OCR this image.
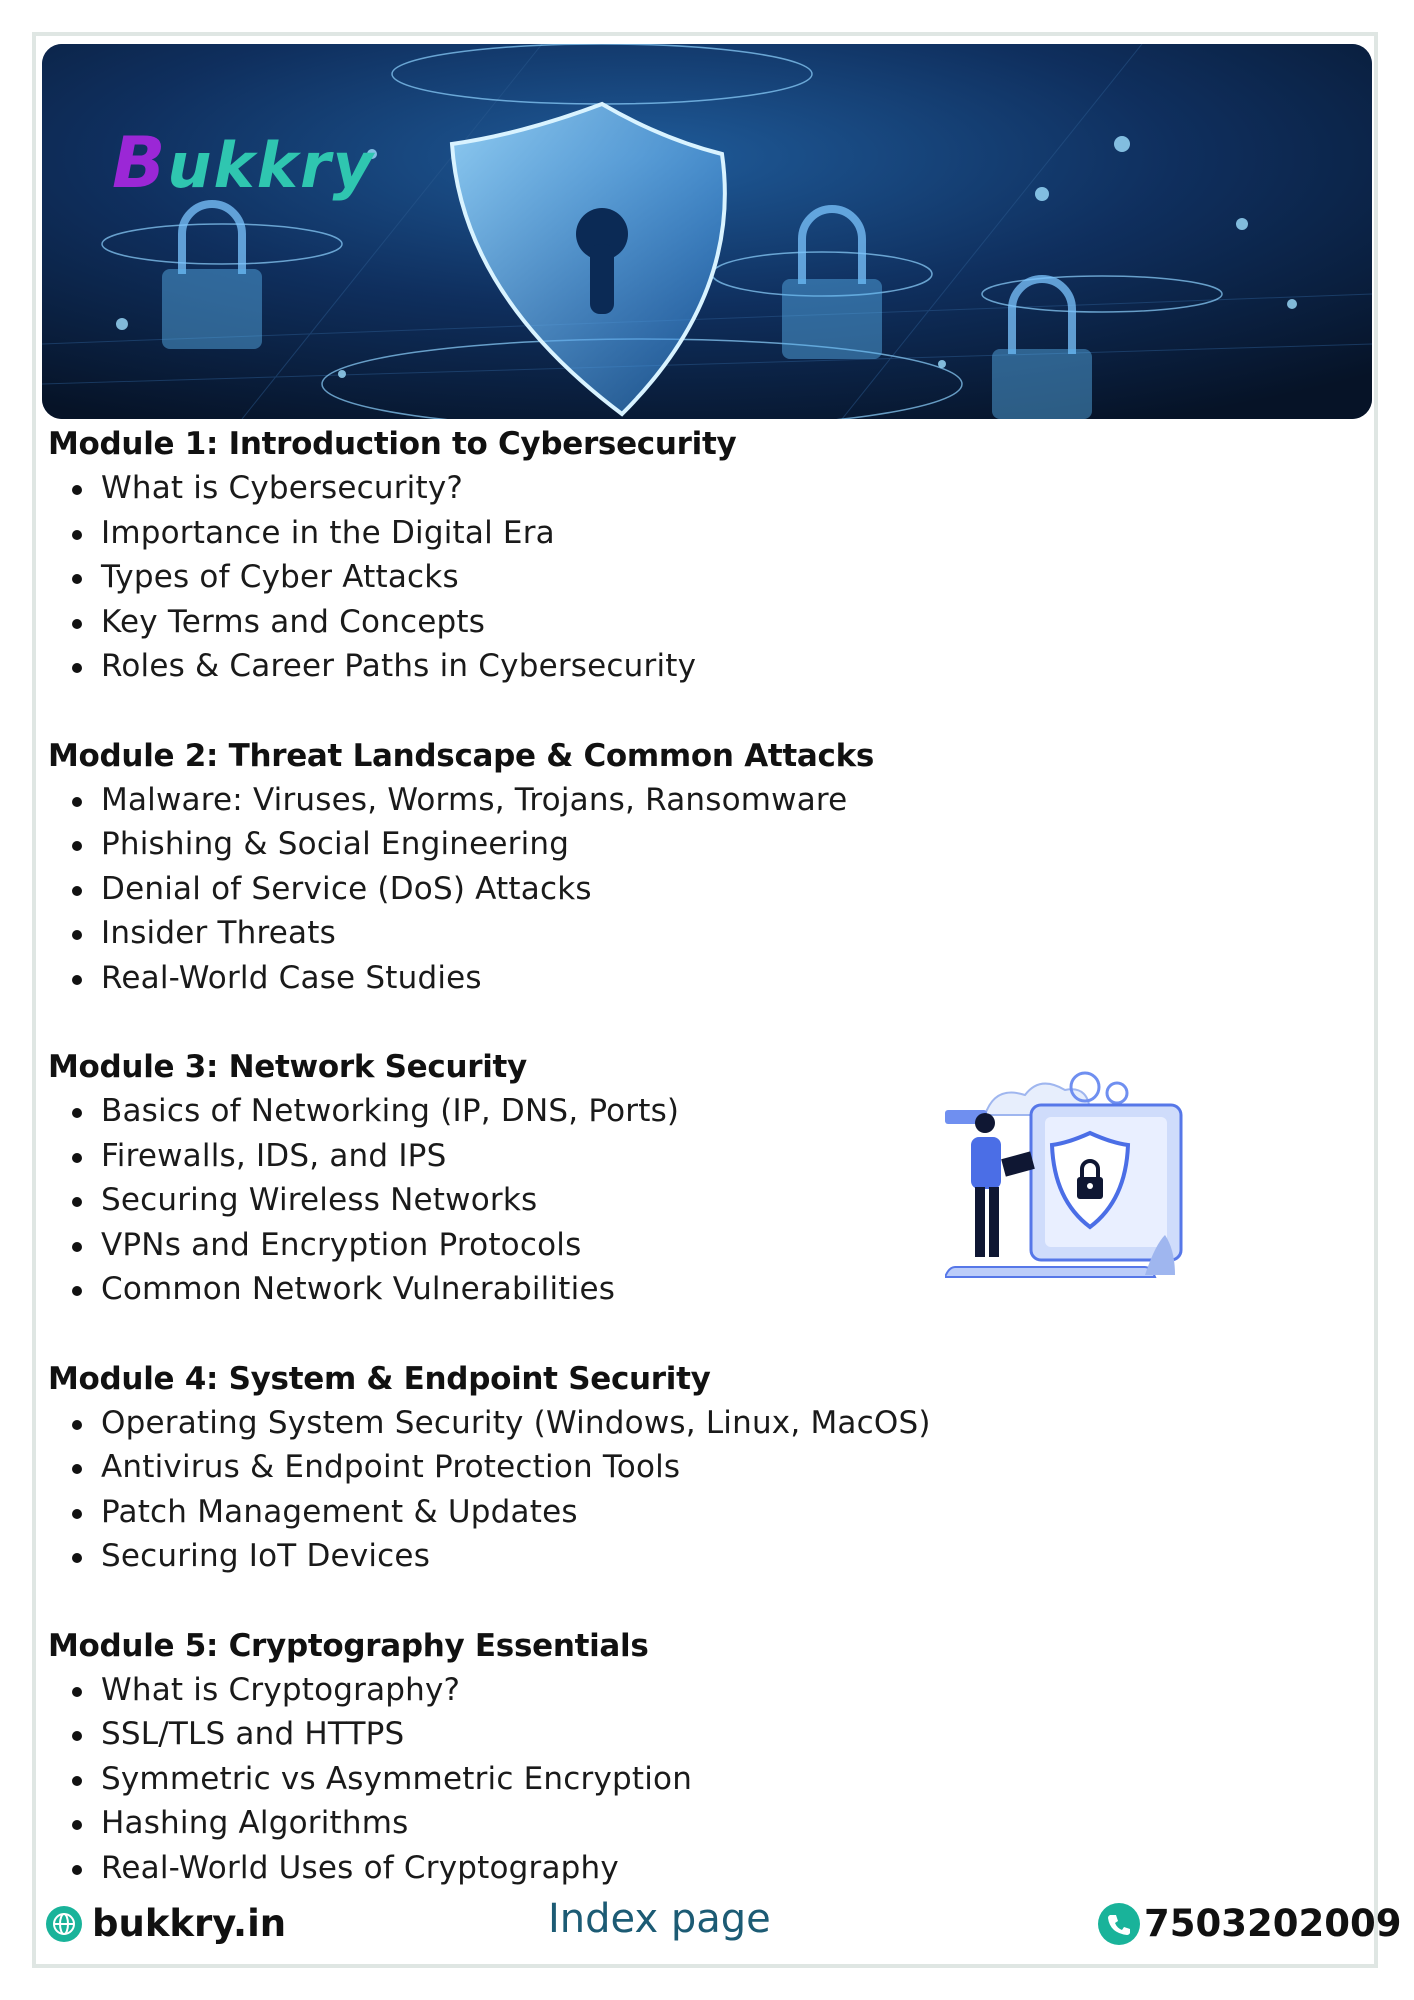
Bukkry
Module 1: Introduction to Cybersecurity
What is Cybersecurity?
Importance in the Digital Era
Types of Cyber Attacks
Key Terms and Concepts
Roles & Career Paths in Cybersecurity
Module 2: Threat Landscape & Common Attacks
Malware: Viruses, Worms, Trojans, Ransomware
Phishing & Social Engineering
Denial of Service (DoS) Attacks
Insider Threats
Real-World Case Studies
Module 3: Network Security
Basics of Networking (IP, DNS, Ports)
Firewalls, IDS, and IPS
Securing Wireless Networks
VPNs and Encryption Protocols
Common Network Vulnerabilities
Module 4: System & Endpoint Security
Operating System Security (Windows, Linux, MacOS)
Antivirus & Endpoint Protection Tools
Patch Management & Updates
Securing IoT Devices
Module 5: Cryptography Essentials
What is Cryptography?
SSL/TLS and HTTPS
Symmetric vs Asymmetric Encryption
Hashing Algorithms
Real-World Uses of Cryptography
bukkry.in	Index page	7503202009
